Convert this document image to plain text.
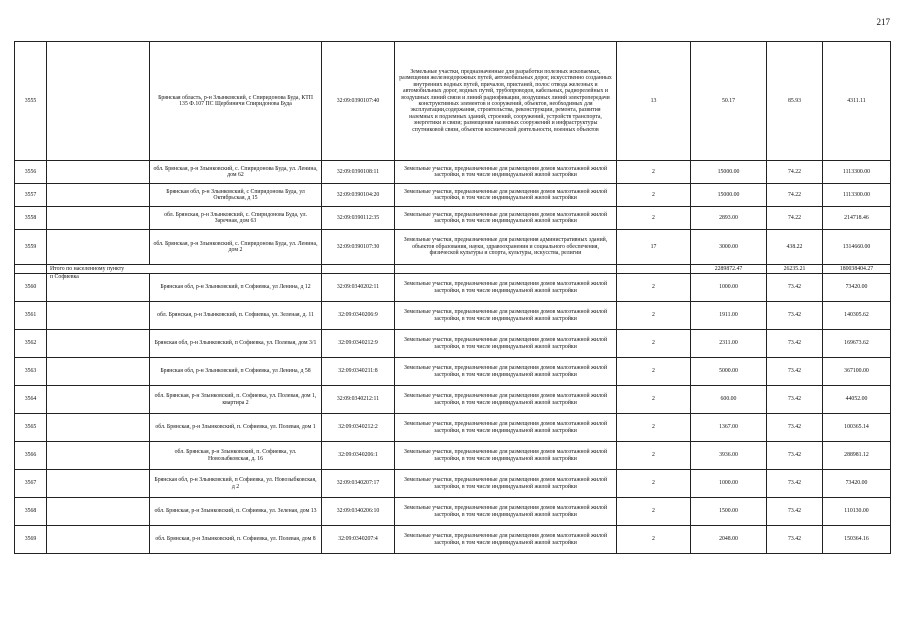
217
3555		Брянская область, р-н Злынковский, с Спиридонова Буда, КТП 135 Ф.107 ПС Щербиничи Спиридонова Буда	32:09:0390107:40	Земельные участки, предназначенные для разработки полезных ископаемых, размещения железнодорожных путей, автомобильных дорог, искусственно созданных внутренних водных путей, причалов, пристаней, полос отвода железных и автомобильных дорог, водных путей, трубопроводов, кабельных, радиорелейных и воздушных линий связи и линий радиофикации, воздушных линий электропередачи конструктивных элементов и сооружений, объектов, необходимых для эксплуатации,содержания, строительства, реконструкции, ремонта, развития наземных и подземных зданий, строений, сооружений, устройств транспорта, энергетики и связи; размещения наземных сооружений и инфраструктуры спутниковой связи, объектов космической деятельности, военных объектов	13	50.17	85.93	4311.11
3556		обл. Брянская, р-н Злынковский, с. Спиридонова Буда, ул. Ленина, дом 62	32:09:0390108:11	Земельные участки, предназначенные для размещения домов малоэтажной жилой застройки, в том числе индивидуальной жилой застройки	2	15000.00	74.22	1113300.00
3557		Брянская обл, р-н Злынковский, с Спиридонова Буда, ул Октябрьская, д 15	32:09:0390104:20	Земельные участки, предназначенные для размещения домов малоэтажной жилой застройки, в том числе индивидуальной жилой застройки	2	15000.00	74.22	1113300.00
3558		обл. Брянская, р-н Злынковский, с. Спиридонова Буда, ул. Заречная, дом 63	32:09:0390112:35	Земельные участки, предназначенные для размещения домов малоэтажной жилой застройки, в том числе индивидуальной жилой застройки	2	2893.00	74.22	214718.46
3559		обл. Брянская, р-н Злынковский, с. Спиридонова Буда, ул. Ленина, дом 2	32:09:0390107:30	Земельные участки, предназначенные для размещения административных зданий, объектов образования, науки, здравоохранения и социального обеспечения, физической культуры и спорта, культуры, искусства, религии	17	3000.00	438.22	1314660.00
	Итого по населенному пункту					2289872.47	26235.21	180038404.27
3560	п Софиевка	Брянская обл, р-н Злынковский, п Софиевка, ул Ленина, д 12	32:09:0340202:11	Земельные участки, предназначенные для размещения домов малоэтажной жилой застройки, в том числе индивидуальной жилой застройки	2	1000.00	73.42	73420.00
3561		обл. Брянская, р-н Злынковский, п. Софиевка, ул. Зеленая, д. 11	32:09:0340206:9	Земельные участки, предназначенные для размещения домов малоэтажной жилой застройки, в том числе индивидуальной жилой застройки	2	1911.00	73.42	140305.62
3562		Брянская обл, р-н Злынковский, п Софиевка, ул. Полевая, дом 3/1	32:09:0340212:9	Земельные участки, предназначенные для размещения домов малоэтажной жилой застройки, в том числе индивидуальной жилой застройки	2	2311.00	73.42	169673.62
3563		Брянская обл, р-н Злынковский, п Софиевка, ул Ленина, д 58	32:09:0340211:8	Земельные участки, предназначенные для размещения домов малоэтажной жилой застройки, в том числе индивидуальной жилой застройки	2	5000.00	73.42	367100.00
3564		обл. Брянская, р-н Злынковский, п. Софиевка, ул. Полевая, дом 1, квартира 2	32:09:0340212:11	Земельные участки, предназначенные для размещения домов малоэтажной жилой застройки, в том числе индивидуальной жилой застройки	2	600.00	73.42	44052.00
3565		обл. Брянская, р-н Злынковский, п. Софиевка, ул. Полевая, дом 1	32:09:0340212:2	Земельные участки, предназначенные для размещения домов малоэтажной жилой застройки, в том числе индивидуальной жилой застройки	2	1367.00	73.42	100365.14
3566		обл. Брянская, р-н Злынковский, п. Софиевка, ул. Новозыбковская, д. 16	32:09:0340206:1	Земельные участки, предназначенные для размещения домов малоэтажной жилой застройки, в том числе индивидуальной жилой застройки	2	3936.00	73.42	288981.12
3567		Брянская обл, р-н Злынковский, п Софиевка, ул. Новозыбковская, д 2	32:09:0340207:17	Земельные участки, предназначенные для размещения домов малоэтажной жилой застройки, в том числе индивидуальной жилой застройки	2	1000.00	73.42	73420.00
3568		обл. Брянская, р-н Злынковский, п. Софиевка, ул. Зеленая, дом 13	32:09:0340206:10	Земельные участки, предназначенные для размещения домов малоэтажной жилой застройки, в том числе индивидуальной жилой застройки	2	1500.00	73.42	110130.00
3569		обл. Брянская, р-н Злынковский, п. Софиевка, ул. Полевая, дом 8	32:09:0340207:4	Земельные участки, предназначенные для размещения домов малоэтажной жилой застройки, в том числе индивидуальной жилой застройки	2	2048.00	73.42	150364.16
